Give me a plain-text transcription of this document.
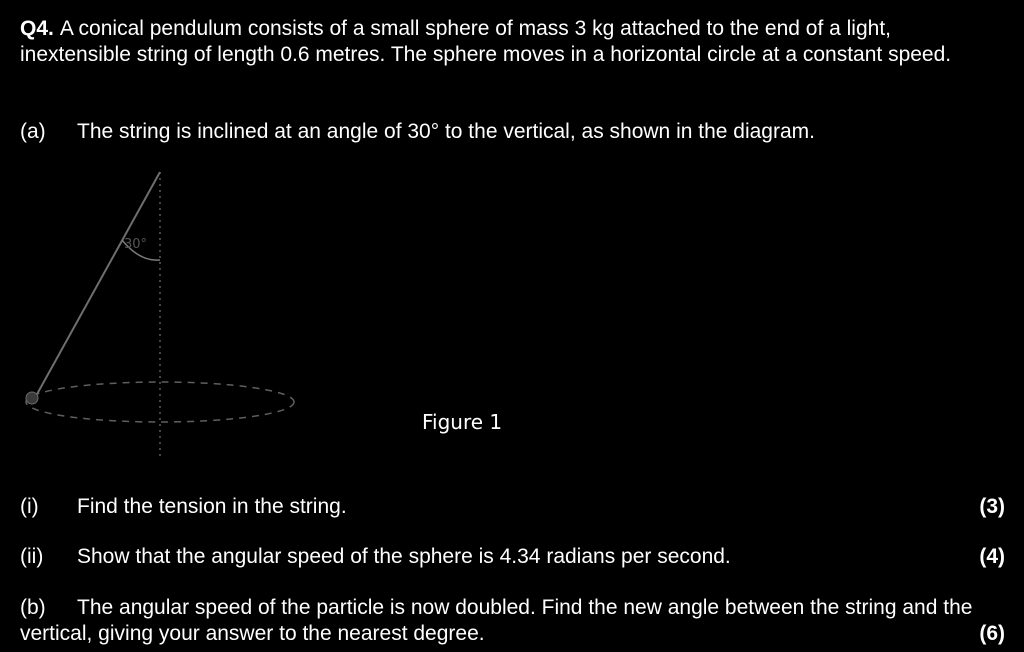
Q4. A conical pendulum consists of a small sphere of mass 3 kg attached to the end of a light, inextensible string of length 0.6 metres. The sphere moves in a horizontal circle at a constant speed.
(a) The string is inclined at an angle of 30° to the vertical, as shown in the diagram.
30°
Figure 1
(i) Find the tension in the string.	(3)
(ii) Show that the angular speed of the sphere is 4.34 radians per second.	(4)
(b) The angular speed of the particle is now doubled. Find the new angle between the string and the vertical, giving your answer to the nearest degree.	(6)
